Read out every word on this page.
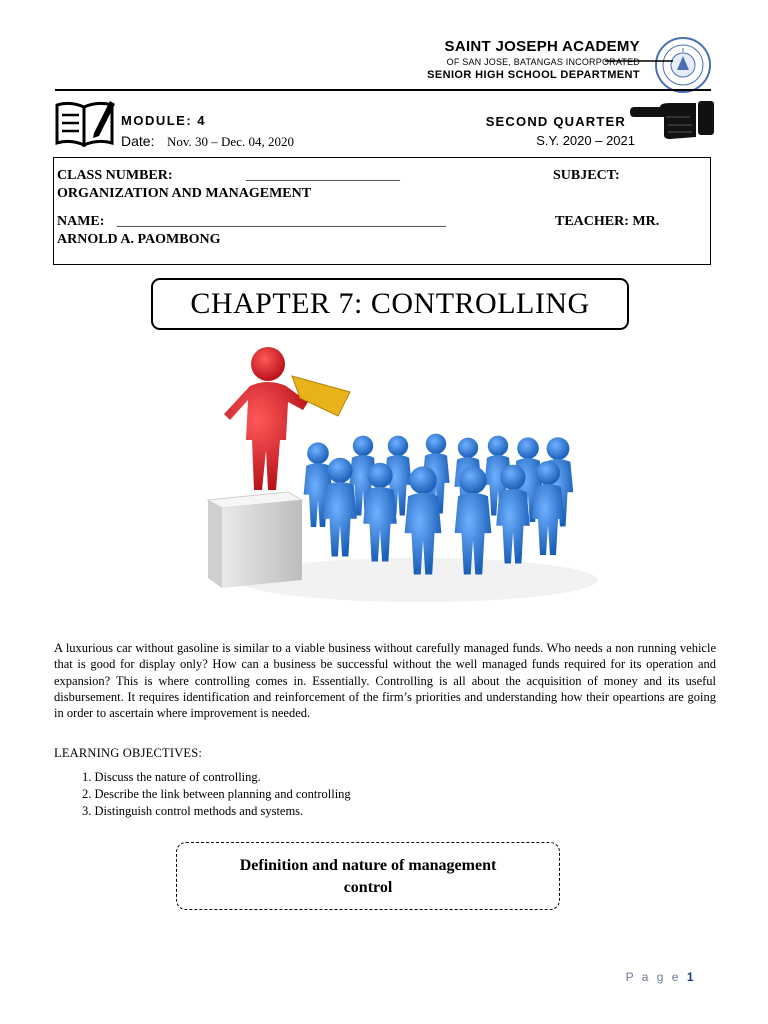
SAINT JOSEPH ACADEMY
OF SAN JOSE, BATANGAS INCORPORATED
SENIOR HIGH SCHOOL DEPARTMENT
MODULE: 4
Date: Nov. 30 – Dec. 04, 2020
SECOND QUARTER
S.Y. 2020 – 2021
CLASS NUMBER:	______________________	SUBJECT:
ORGANIZATION AND MANAGEMENT
NAME: _______________________________________________	TEACHER: MR.
ARNOLD A. PAOMBONG
CHAPTER 7: CONTROLLING
A luxurious car without gasoline is similar to a viable business without carefully managed funds. Who needs a non running vehicle that is good for display only? How can a business be successful without the well managed funds required for its operation and expansion? This is where controlling comes in. Essentially. Controlling is all about the acquisition of money and its useful disbursement. It requires identification and reinforcement of the firm’s priorities and understanding how their opeartions are going in order to ascertain where improvement is needed.
LEARNING OBJECTIVES:
1. Discuss the nature of controlling.
2. Describe the link between planning and controlling
3. Distinguish control methods and systems.
Definition and nature of management
control
P a g e 1
